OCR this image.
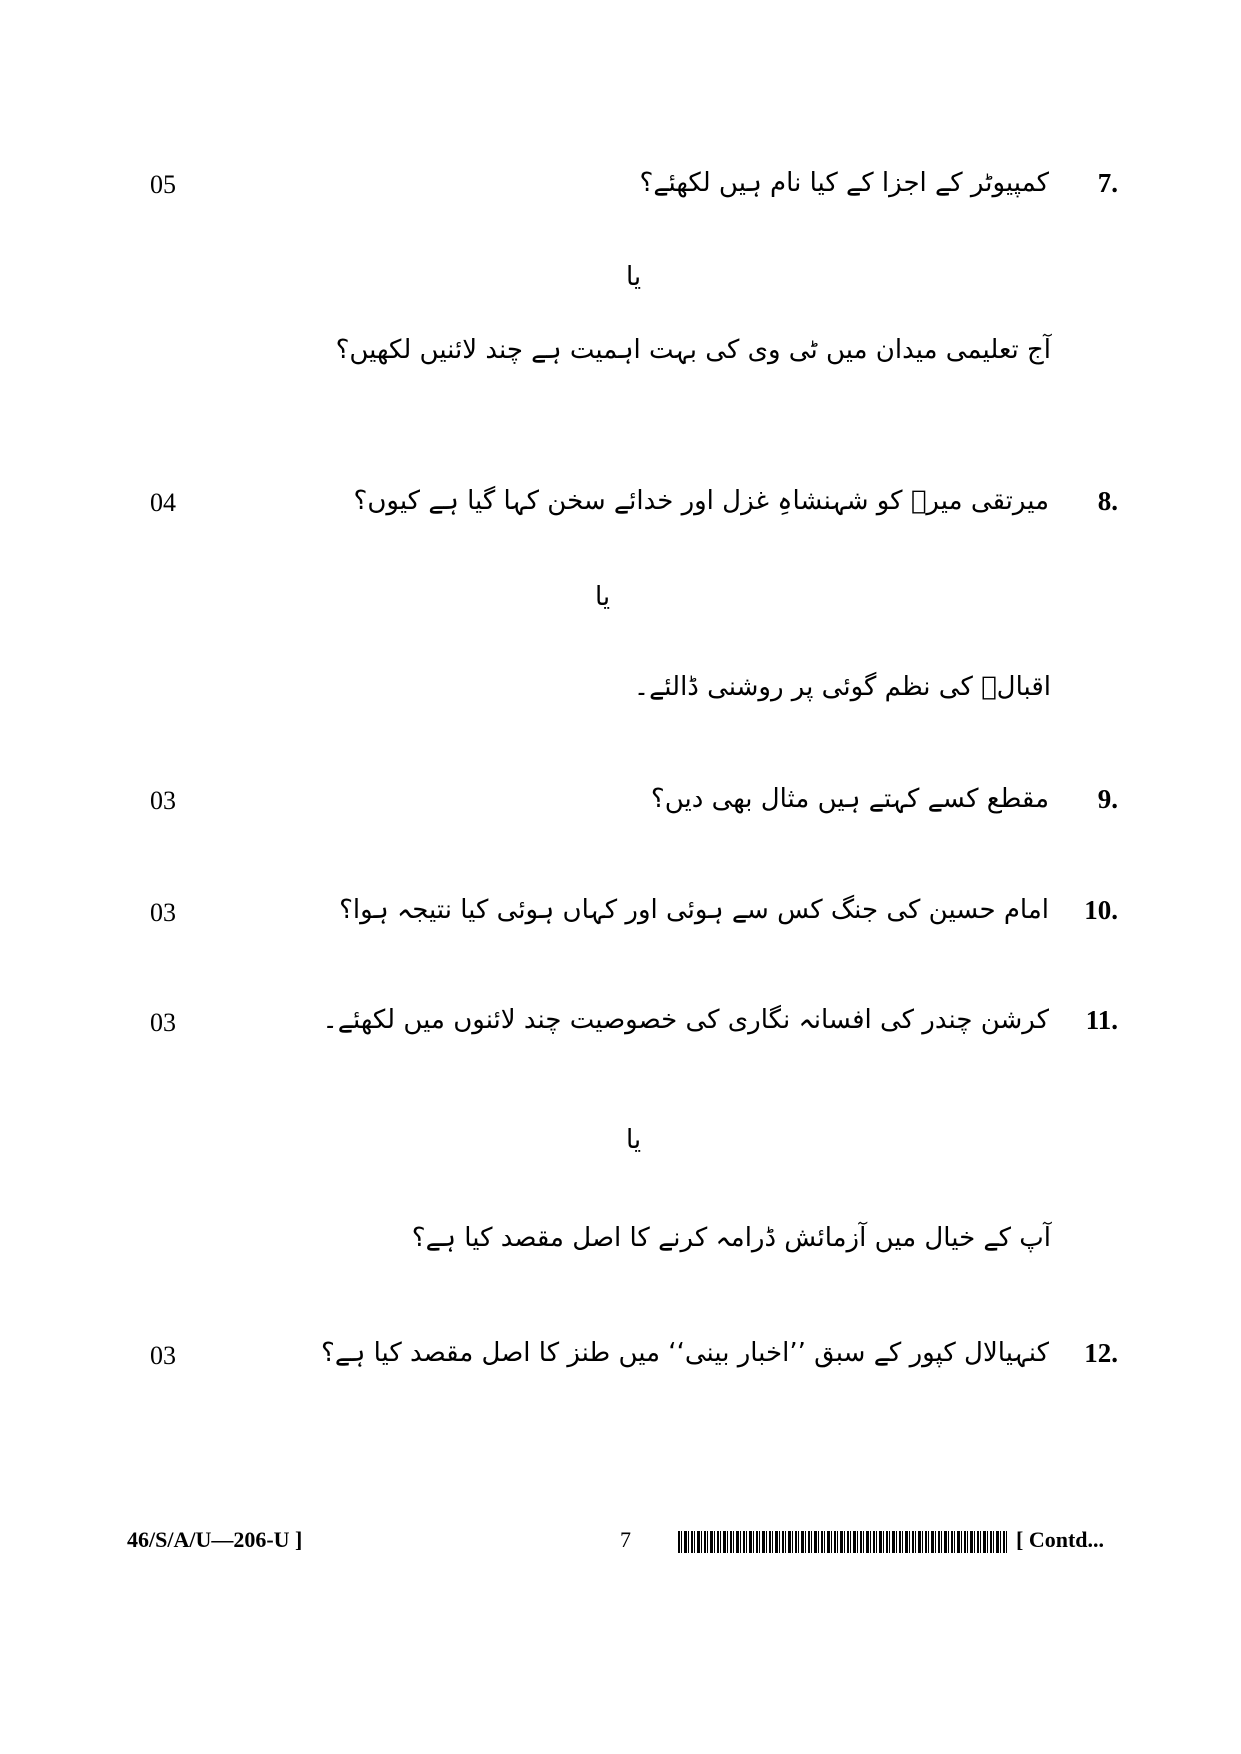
05	کمپیوٹر کے اجزا کے کیا نام ہیں لکھئے؟ 7.
یا
آج تعلیمی میدان میں ٹی وی کی بہت اہمیت ہے چند لائنیں لکھیں؟
04	میرتقی میرؔ کو شہنشاہِ غزل اور خدائے سخن کہا گیا ہے کیوں؟ 8.
یا
اقبالؔ کی نظم گوئی پر روشنی ڈالئے۔
03	مقطع کسے کہتے ہیں مثال بھی دیں؟ 9.
03	امام حسین کی جنگ کس سے ہوئی اور کہاں ہوئی کیا نتیجہ ہوا؟ 10.
03	کرشن چندر کی افسانہ نگاری کی خصوصیت چند لائنوں میں لکھئے۔ 11.
یا
آپ کے خیال میں آزمائش ڈرامہ کرنے کا اصل مقصد کیا ہے؟
03	کنہیالال کپور کے سبق ’’اخبار بینی‘‘ میں طنز کا اصل مقصد کیا ہے؟ 12.
46/S/A/U—206-U ]	7	[ Contd...
